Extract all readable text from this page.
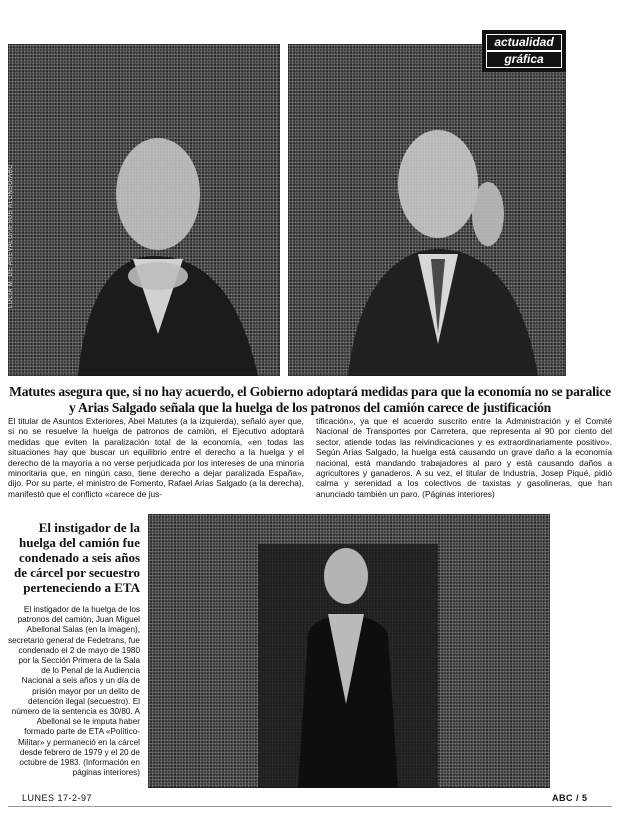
LUCÍA M. DE ARÉVALO/JESÚS ALONSO/ABC
actualidad
gráfica
Matutes asegura que, si no hay acuerdo, el Gobierno adoptará medidas para que la economía no se paralice y Arias Salgado señala que la huelga de los patronos del camión carece de justificación
El titular de Asuntos Exteriores, Abel Matutes (a la izquierda), señaló ayer que, si no se resuelve la huelga de patronos de camión, el Ejecutivo adoptará medidas que eviten la paralización total de la economía, «en todas las situaciones hay que buscar un equilibrio entre el derecho a la huelga y el derecho de la mayoría a no verse perjudicada por los intereses de una minoría minoritaria que, en ningún caso, tiene derecho a dejar paralizada España», dijo. Por su parte, el ministro de Fomento, Rafael Arias Salgado (a la derecha), manifestó que el conflicto «carece de jus-
tificación», ya que el acuerdo suscrito entre la Administración y el Comité Nacional de Transportes por Carretera, que representa al 90 por ciento del sector, atiende todas las reivindicaciones y es extraordinariamente positivo». Según Arias Salgado, la huelga está causando un grave daño a la economía nacional, está mandando trabajadores al paro y está causando daños a agricultores y ganaderos. A su vez, el titular de Industria, Josep Piqué, pidió calma y serenidad a los colectivos de taxistas y gasolineras, que han anunciado también un paro. (Páginas interiores)
El instigador de la huelga del camión fue condenado a seis años de cárcel por secuestro perteneciendo a ETA
El instigador de la huelga de los patronos del camión, Juan Miguel Abellonal Salas (en la imagen), secretario general de Fedetrans, fue condenado el 2 de mayo de 1980 por la Sección Primera de la Sala de lo Penal de la Audiencia Nacional a seis años y un día de prisión mayor por un delito de detención ilegal (secuestro). El número de la sentencia es 30/80. A Abellonal se le imputa haber formado parte de ETA «Político-Militar» y permaneció en la cárcel desde febrero de 1979 y el 20 de octubre de 1983. (Información en páginas interiores)
LUNES 17-2-97	ABC / 5
